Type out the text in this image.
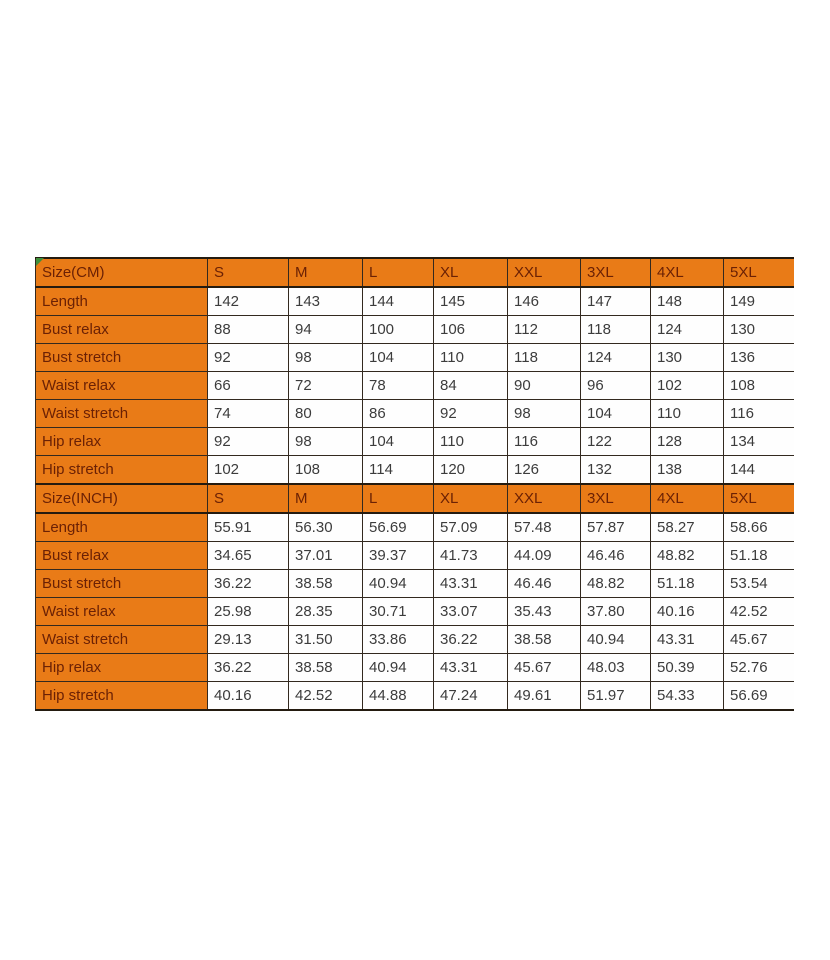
Size(CM)	S	M	L	XL	XXL	3XL	4XL	5XL
Length	142	143	144	145	146	147	148	149
Bust relax	88	94	100	106	112	118	124	130
Bust stretch	92	98	104	110	118	124	130	136
Waist relax	66	72	78	84	90	96	102	108
Waist stretch	74	80	86	92	98	104	110	116
Hip relax	92	98	104	110	116	122	128	134
Hip stretch	102	108	114	120	126	132	138	144
Size(INCH)	S	M	L	XL	XXL	3XL	4XL	5XL
Length	55.91	56.30	56.69	57.09	57.48	57.87	58.27	58.66
Bust relax	34.65	37.01	39.37	41.73	44.09	46.46	48.82	51.18
Bust stretch	36.22	38.58	40.94	43.31	46.46	48.82	51.18	53.54
Waist relax	25.98	28.35	30.71	33.07	35.43	37.80	40.16	42.52
Waist stretch	29.13	31.50	33.86	36.22	38.58	40.94	43.31	45.67
Hip relax	36.22	38.58	40.94	43.31	45.67	48.03	50.39	52.76
Hip stretch	40.16	42.52	44.88	47.24	49.61	51.97	54.33	56.69
